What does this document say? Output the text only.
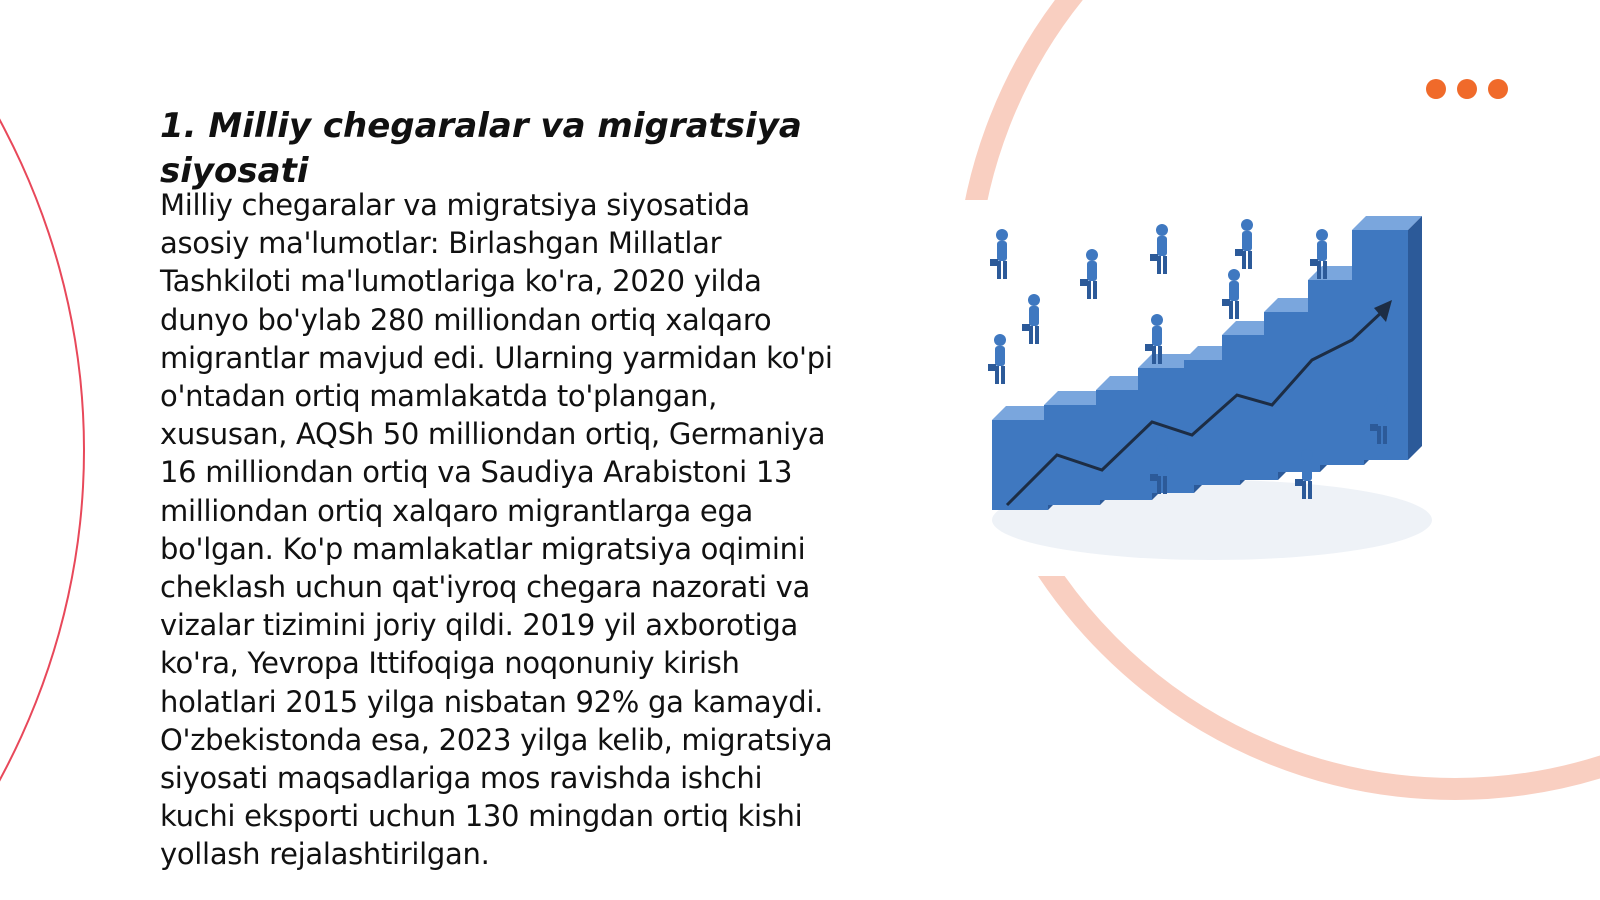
1. Milliy chegaralar va migratsiya siyosati

Milliy chegaralar va migratsiya siyosatida asosiy ma'lumotlar: Birlashgan Millatlar Tashkiloti ma'lumotlariga ko'ra, 2020 yilda dunyo bo'ylab 280 milliondan ortiq xalqaro migrantlar mavjud edi. Ularning yarmidan ko'pi o'ntadan ortiq mamlakatda to'plangan, xususan, AQSh 50 milliondan ortiq, Germaniya 16 milliondan ortiq va Saudiya Arabistoni 13 milliondan ortiq xalqaro migrantlarga ega bo'lgan. Ko'p mamlakatlar migratsiya oqimini cheklash uchun qat'iyroq chegara nazorati va vizalar tizimini joriy qildi. 2019 yil axborotiga ko'ra, Yevropa Ittifoqiga noqonuniy kirish holatlari 2015 yilga nisbatan 92% ga kamaydi. O'zbekistonda esa, 2023 yilga kelib, migratsiya siyosati maqsadlariga mos ravishda ishchi kuchi eksporti uchun 130 mingdan ortiq kishi yollash rejalashtirilgan.
